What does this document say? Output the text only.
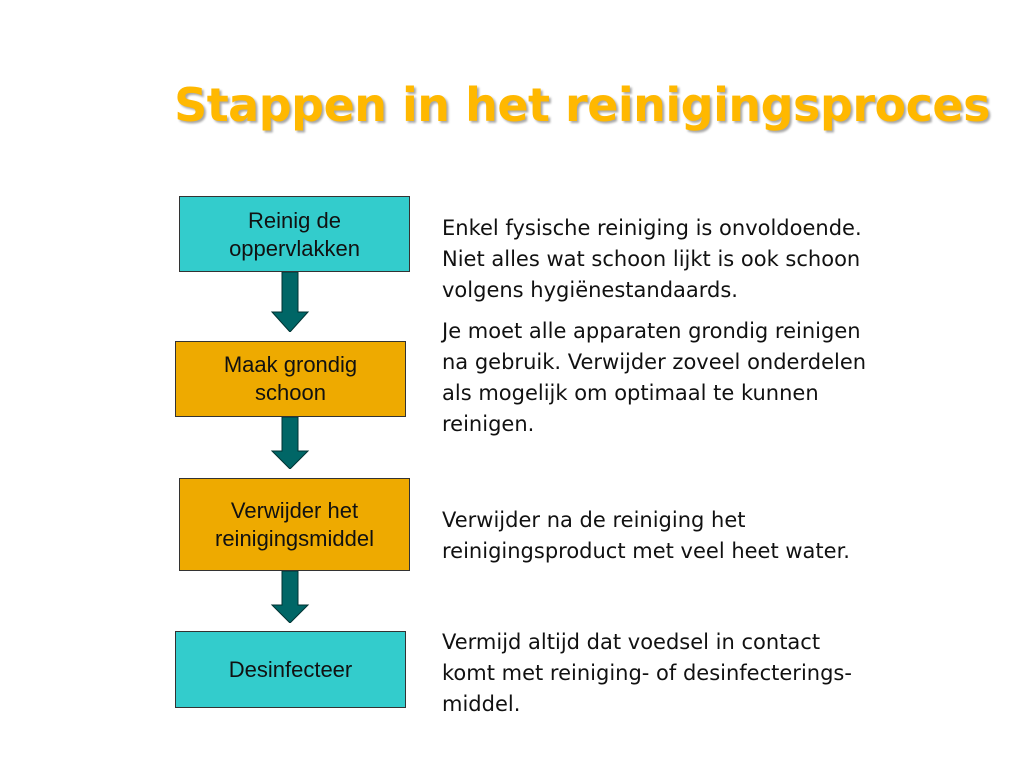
Stappen in het reinigingsproces
Reinig de
oppervlakken
Maak grondig
schoon
Verwijder het
reinigingsmiddel
Desinfecteer

Enkel fysische reiniging is onvoldoende.
Niet alles wat schoon lijkt is ook schoon
volgens hygiënestandaards.

Je moet alle apparaten grondig reinigen
na gebruik. Verwijder zoveel onderdelen
als mogelijk om optimaal te kunnen
reinigen.

Verwijder na de reiniging het
reinigingsproduct met veel heet water.

Vermijd altijd dat voedsel in contact
komt met reiniging- of desinfecterings-
middel.
